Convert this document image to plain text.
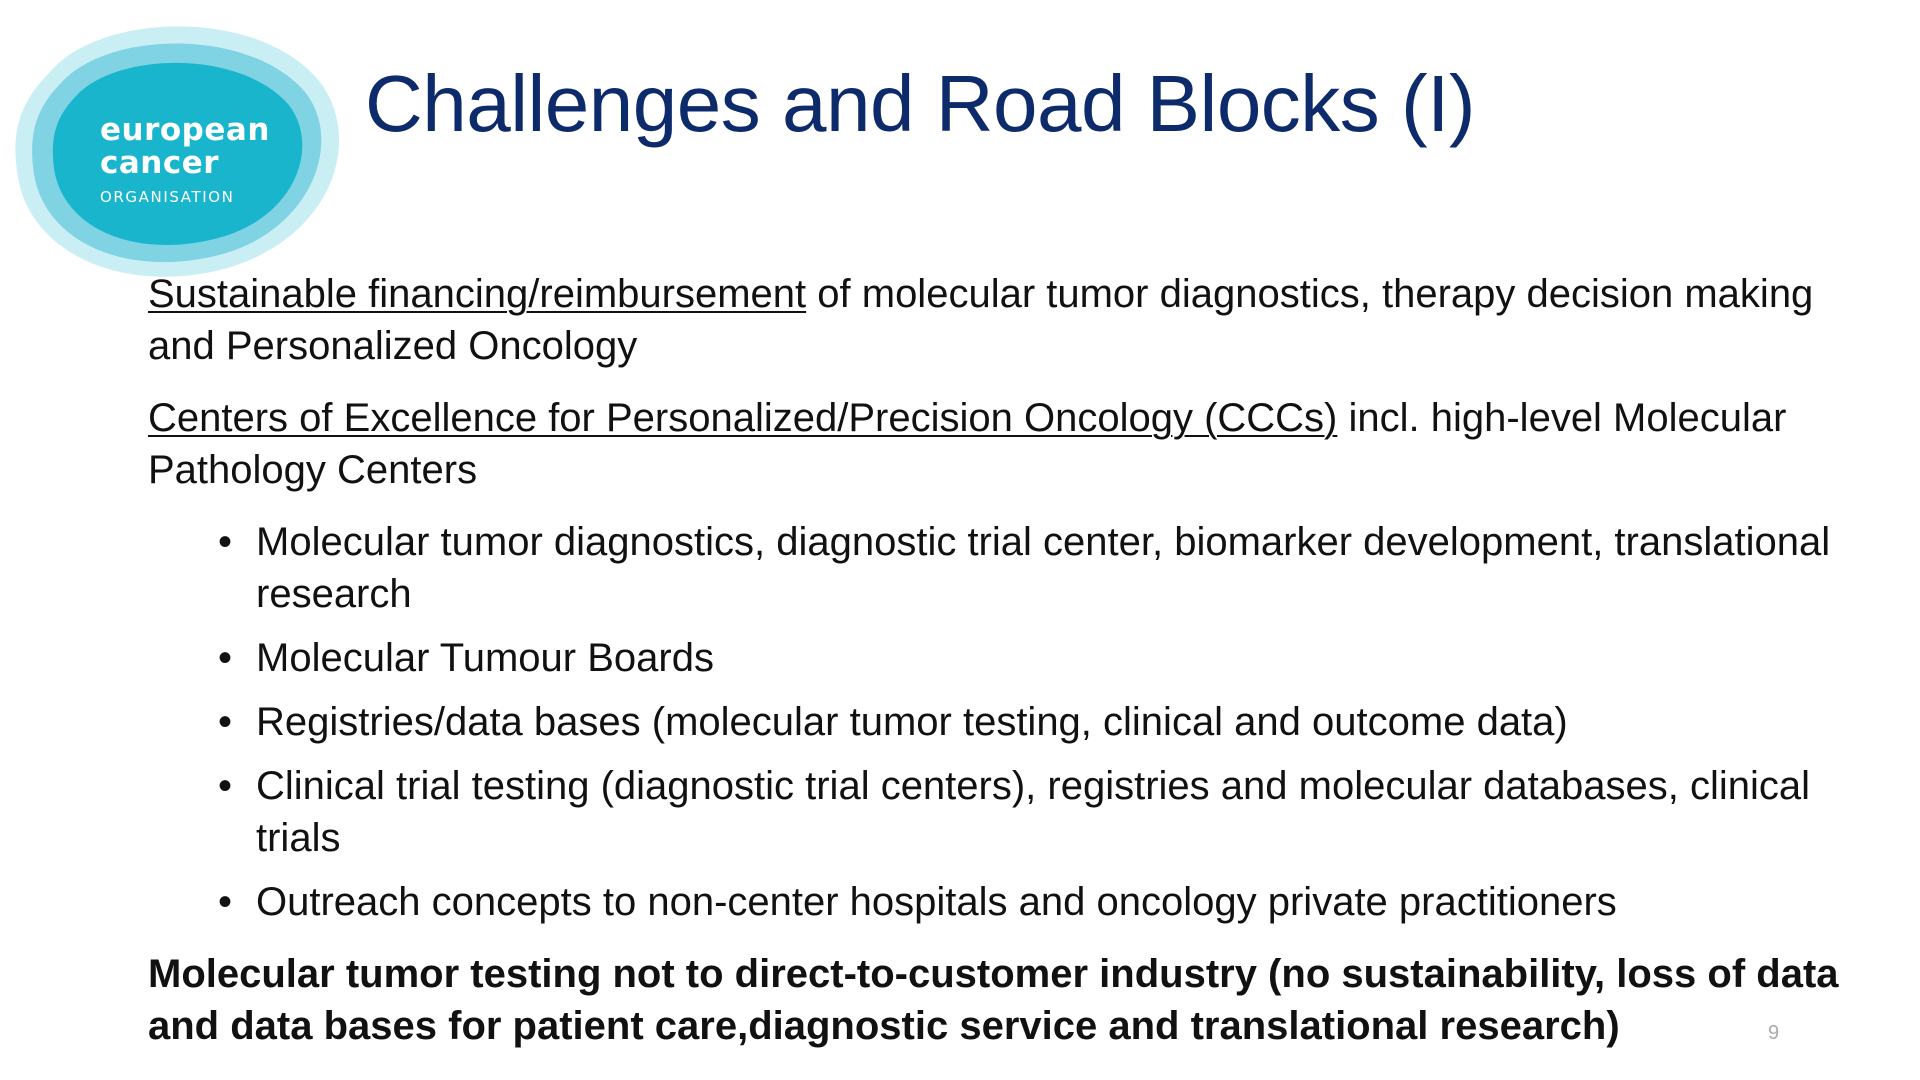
european
cancer
ORGANISATION
Challenges and Road Blocks (I)

Sustainable financing/reimbursement of molecular tumor diagnostics, therapy decision making and Personalized Oncology

Centers of Excellence for Personalized/Precision Oncology (CCCs) incl. high-level Molecular Pathology Centers

• Molecular tumor diagnostics, diagnostic trial center, biomarker development, translational research
• Molecular Tumour Boards
• Registries/data bases (molecular tumor testing, clinical and outcome data)
• Clinical trial testing (diagnostic trial centers), registries and molecular databases, clinical trials
• Outreach concepts to non-center hospitals and oncology private practitioners

Molecular tumor testing not to direct-to-customer industry (no sustainability, loss of data and data bases for patient care,diagnostic service and translational research)	9
